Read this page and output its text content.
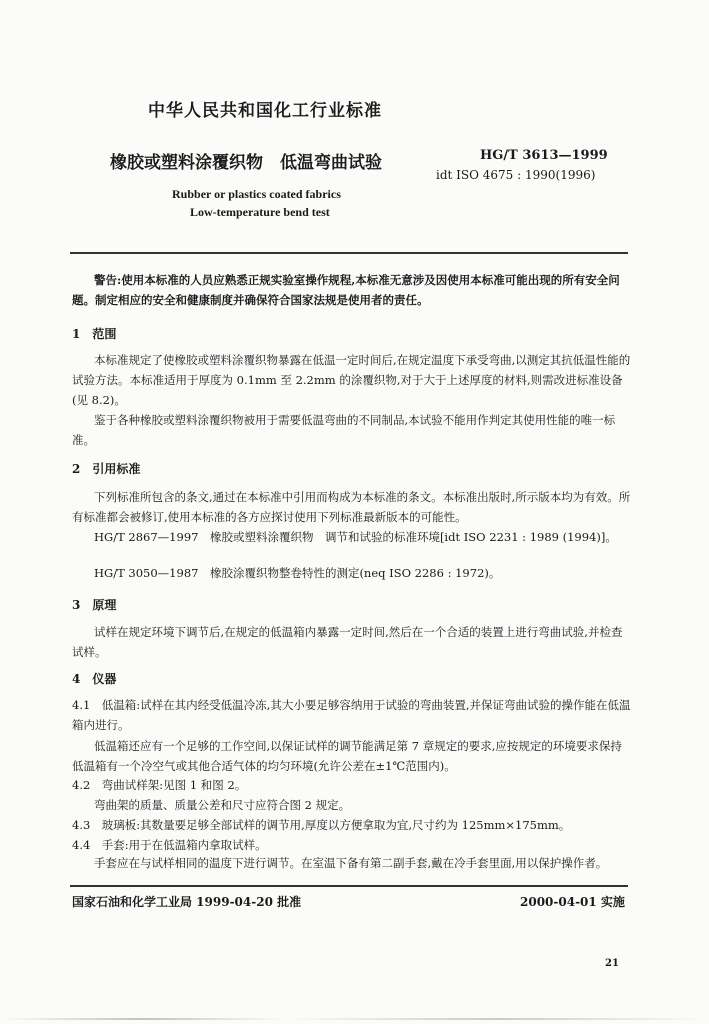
中华人民共和国化工行业标准
橡胶或塑料涂覆织物　低温弯曲试验	HG/T 3613—1999
idt ISO 4675 : 1990(1996)
Rubber or plastics coated fabrics
Low-temperature bend test
警告:使用本标准的人员应熟悉正规实验室操作规程,本标准无意涉及因使用本标准可能出现的所有安全问题。制定相应的安全和健康制度并确保符合国家法规是使用者的责任。
1　范围
本标准规定了使橡胶或塑料涂覆织物暴露在低温一定时间后,在规定温度下承受弯曲,以测定其抗低温性能的试验方法。本标准适用于厚度为 0.1mm 至 2.2mm 的涂覆织物,对于大于上述厚度的材料,则需改进标准设备(见 8.2)。
鉴于各种橡胶或塑料涂覆织物被用于需要低温弯曲的不同制品,本试验不能用作判定其使用性能的唯一标准。
2　引用标准
下列标准所包含的条文,通过在本标准中引用而构成为本标准的条文。本标准出版时,所示版本均为有效。所有标准都会被修订,使用本标准的各方应探讨使用下列标准最新版本的可能性。
HG/T 2867—1997　橡胶或塑料涂覆织物　调节和试验的标准环境[idt ISO 2231 : 1989 (1994)]。
HG/T 3050—1987　橡胶涂覆织物整卷特性的测定(neq ISO 2286 : 1972)。
3　原理
试样在规定环境下调节后,在规定的低温箱内暴露一定时间,然后在一个合适的装置上进行弯曲试验,并检查试样。
4　仪器
4.1　低温箱:试样在其内经受低温冷冻,其大小要足够容纳用于试验的弯曲装置,并保证弯曲试验的操作能在低温箱内进行。
低温箱还应有一个足够的工作空间,以保证试样的调节能满足第 7 章规定的要求,应按规定的环境要求保持低温箱有一个冷空气或其他合适气体的均匀环境(允许公差在±1℃范围内)。
4.2　弯曲试样架:见图 1 和图 2。
弯曲架的质量、质量公差和尺寸应符合图 2 规定。
4.3　玻璃板:其数量要足够全部试样的调节用,厚度以方便拿取为宜,尺寸约为 125mm×175mm。
4.4　手套:用于在低温箱内拿取试样。
手套应在与试样相同的温度下进行调节。在室温下备有第二副手套,戴在冷手套里面,用以保护操作者。
国家石油和化学工业局 1999-04-20 批准	2000-04-01 实施
21
